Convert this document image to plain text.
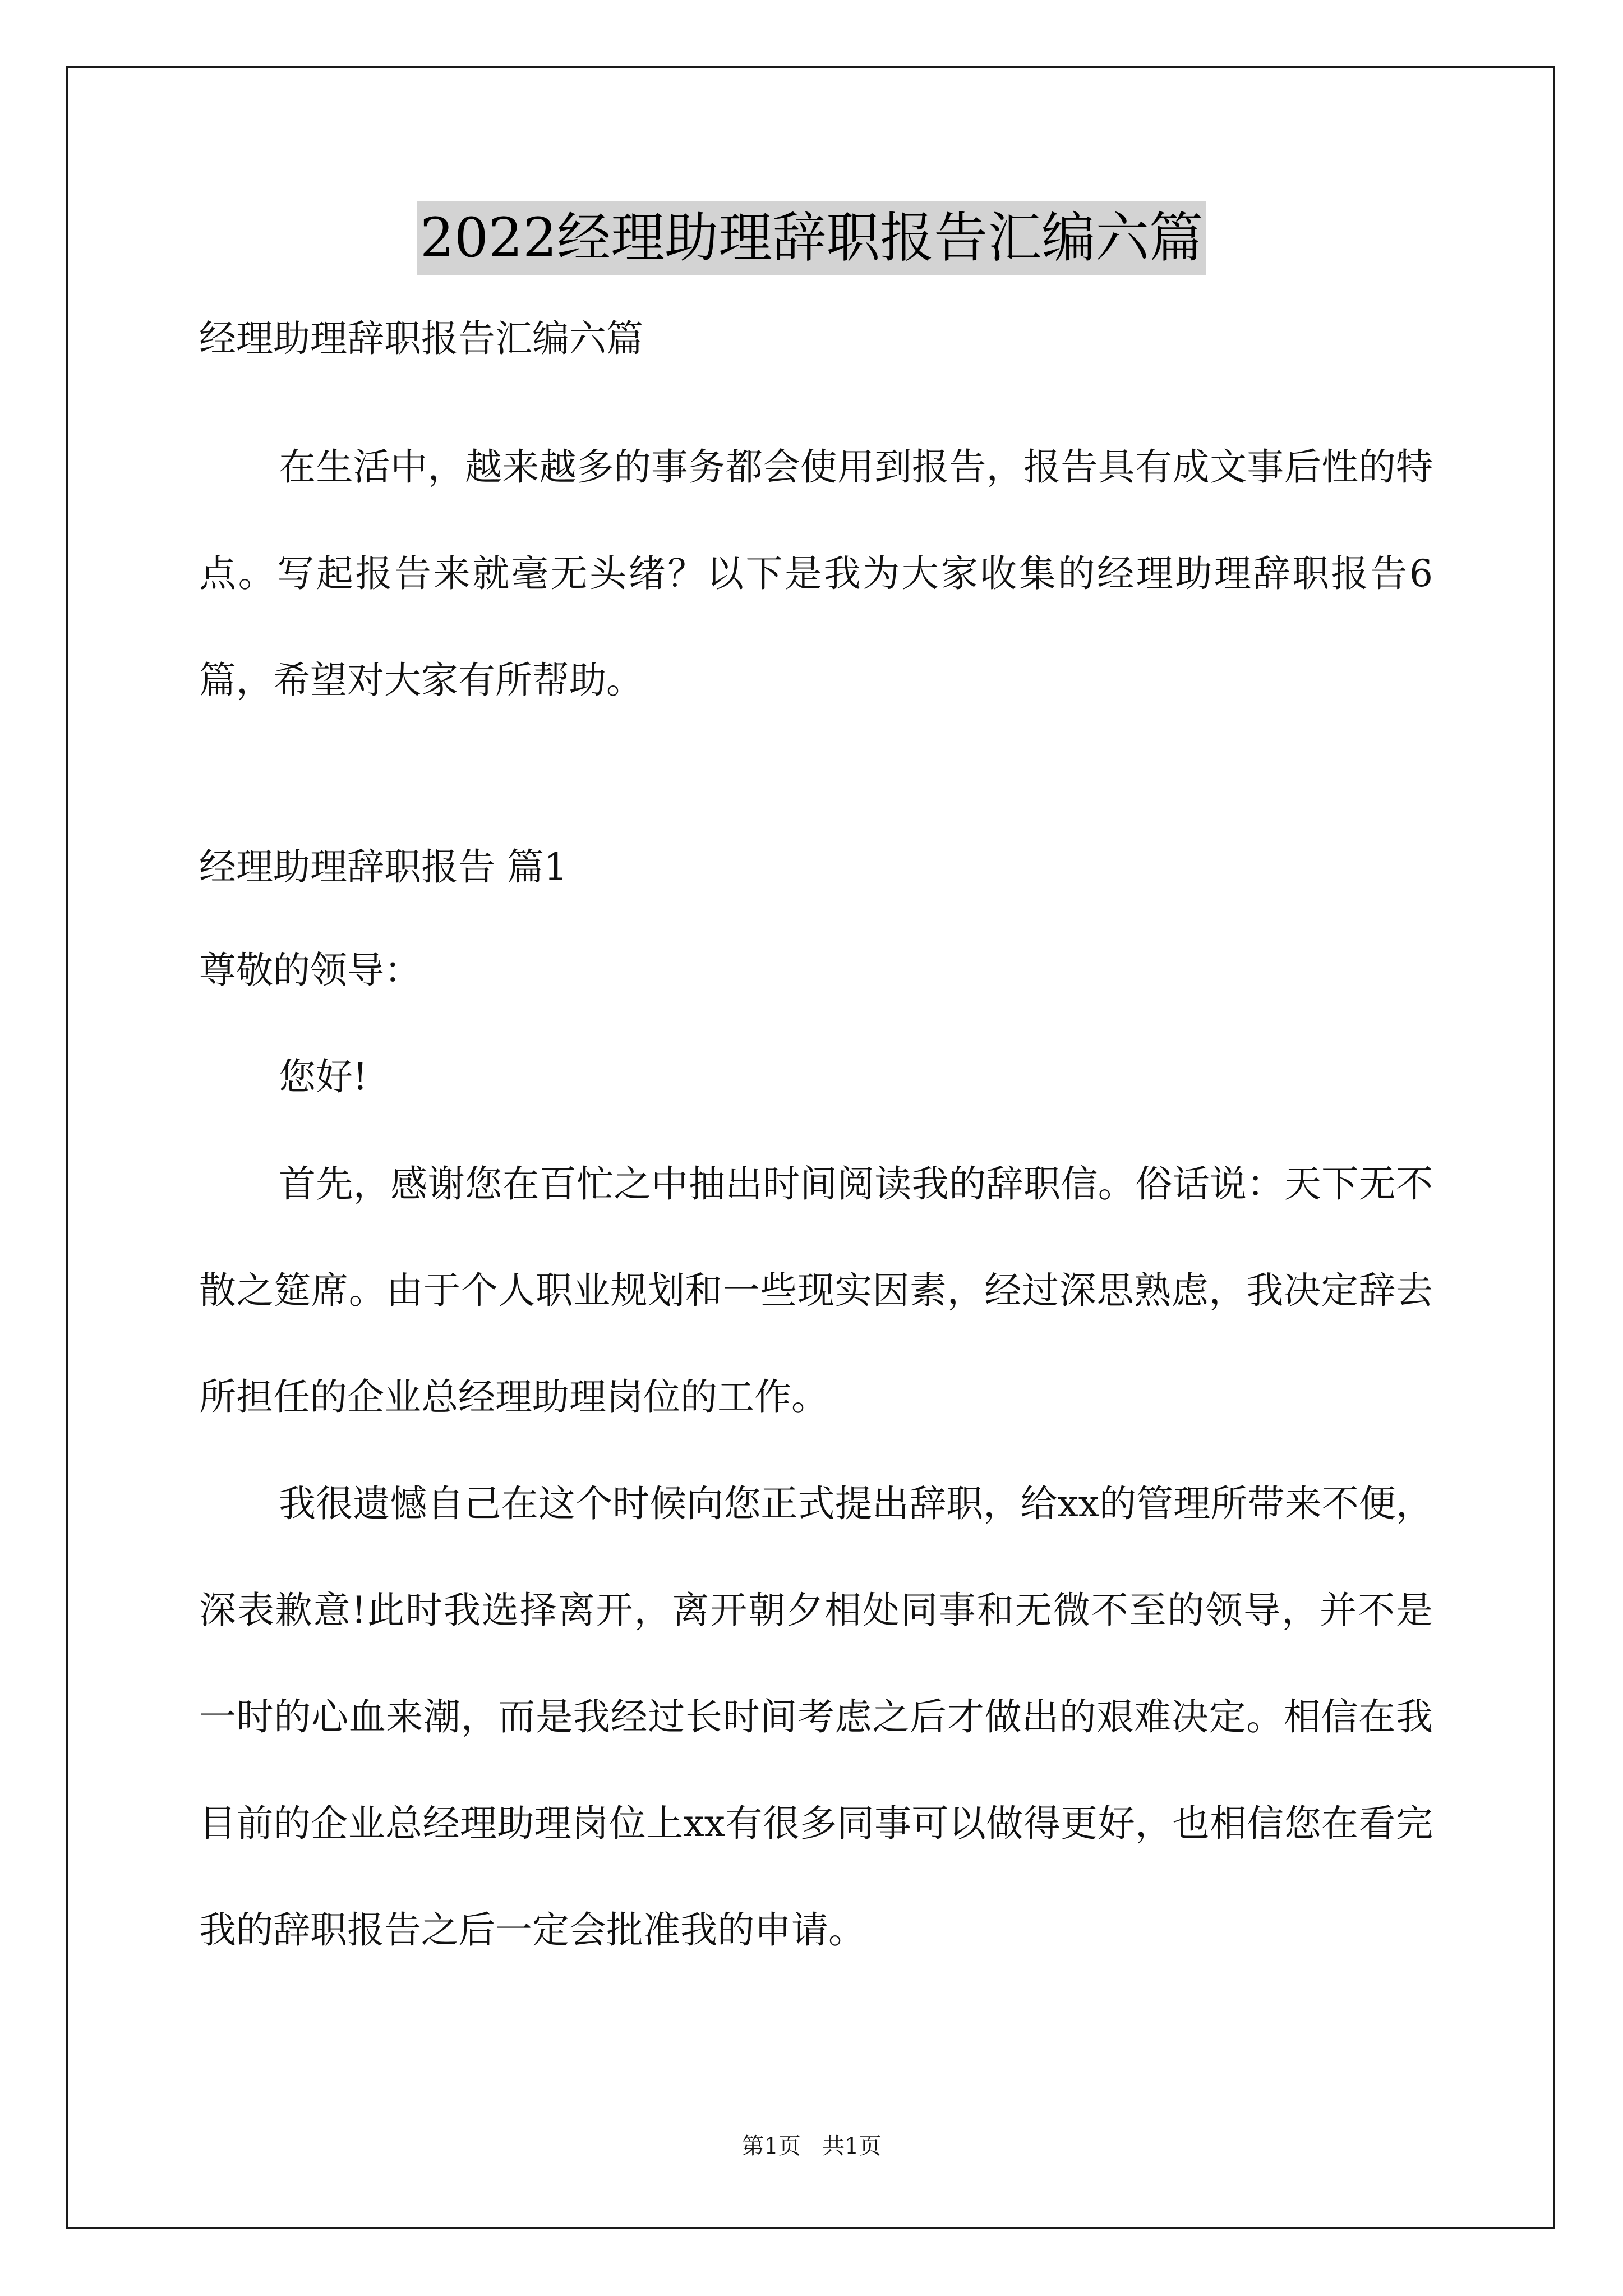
2022经理助理辞职报告汇编六篇
经理助理辞职报告汇编六篇
在生活中，越来越多的事务都会使用到报告，报告具有成文事后性的特点。写起报告来就毫无头绪？以下是我为大家收集的经理助理辞职报告6篇，希望对大家有所帮助。
经理助理辞职报告 篇1
尊敬的领导：
您好!
首先，感谢您在百忙之中抽出时间阅读我的辞职信。俗话说：天下无不散之筵席。由于个人职业规划和一些现实因素，经过深思熟虑，我决定辞去所担任的企业总经理助理岗位的工作。
我很遗憾自己在这个时候向您正式提出辞职，给xx的管理所带来不便，深表歉意!此时我选择离开，离开朝夕相处同事和无微不至的领导，并不是一时的心血来潮，而是我经过长时间考虑之后才做出的艰难决定。相信在我目前的企业总经理助理岗位上xx有很多同事可以做得更好，也相信您在看完我的辞职报告之后一定会批准我的申请。
第1页   共1页
